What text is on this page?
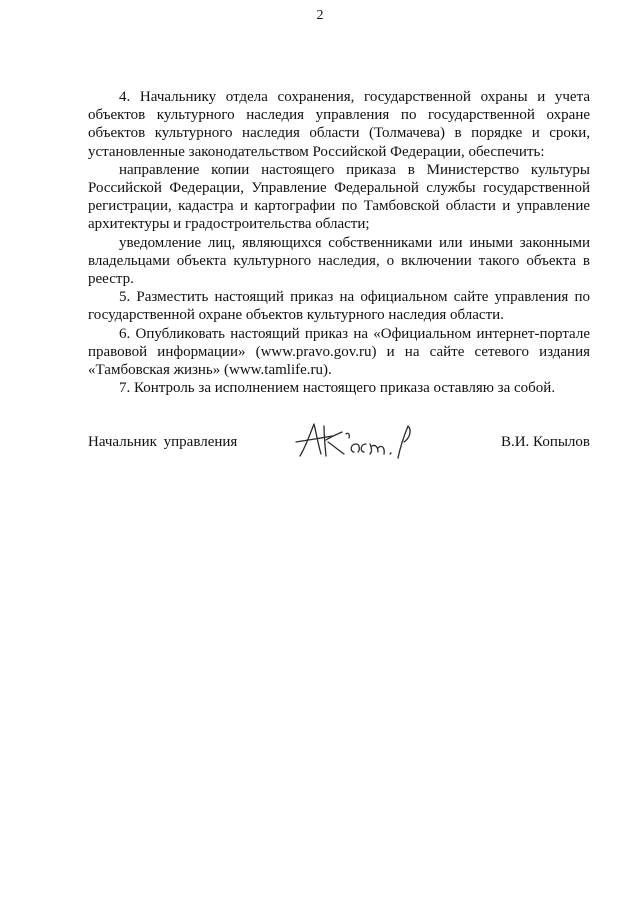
2

4. Начальнику отдела сохранения, государственной охраны и учета объектов культурного наследия управления по государственной охране объектов культурного наследия области (Толмачева) в порядке и сроки, установленные законодательством Российской Федерации, обеспечить:

направление копии настоящего приказа в Министерство культуры Российской Федерации, Управление Федеральной службы государственной регистрации, кадастра и картографии по Тамбовской области и управление архитектуры и градостроительства области;

уведомление лиц, являющихся собственниками или иными законными владельцами объекта культурного наследия, о включении такого объекта в реестр.

5. Разместить настоящий приказ на официальном сайте управления по государственной охране объектов культурного наследия области.

6. Опубликовать настоящий приказ на «Официальном интернет-портале правовой информации» (www.pravo.gov.ru) и на сайте сетевого издания «Тамбовская жизнь» (www.tamlife.ru).

7. Контроль за исполнением настоящего приказа оставляю за собой.

Начальник управления	В.И. Копылов
